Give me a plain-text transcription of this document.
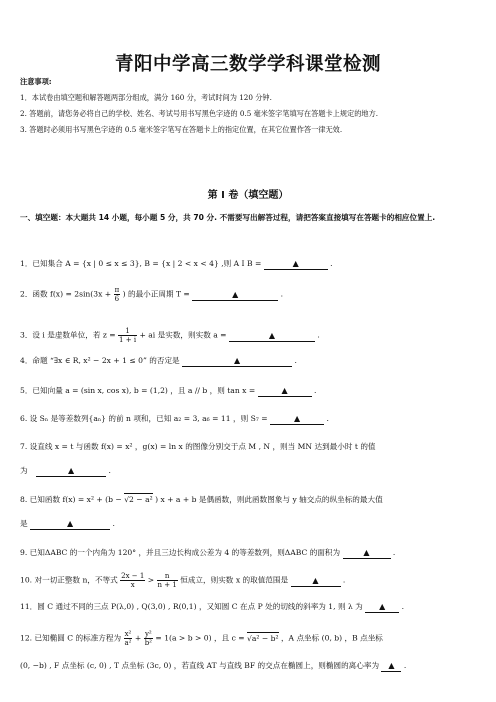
青阳中学高三数学学科课堂检测
注意事项:
1．本试卷由填空题和解答题两部分组成，满分 160 分，考试时间为 120 分钟.
2. 答题前，请您务必将自己的学校、姓名、考试号用书写黑色字迹的 0.5 毫米签字笔填写在答题卡上规定的地方.
3. 答题时必须用书写黑色字迹的 0.5 毫米签字笔写在答题卡上的指定位置，在其它位置作答一律无效.
第 I 卷（填空题）
一、填空题：本大题共 14 小题，每小题 5 分，共 70 分. 不需要写出解答过程，请把答案直接填写在答题卡的相应位置上.
1．已知集合 A = {x | 0 ≤ x ≤ 3}, B = {x | 2 < x < 4} ,则 A I B =	▲	.
2．函数 $f(x) = 2\sin(3x + \frac{\pi}{6}$ ) 的最小正周期 T =	▲	.
3．设 i 是虚数单位，若 $z = \frac{1}{1 + i}$ + ai 是实数，则实数 a =	▲	.
4．命题 “∃x ∈ R, x² − 2x + 1 ≤ 0” 的否定是	▲	.
5．已知向量 a = (sin x, cos x), b = (1,2) ，且 a // b ，则 tan x =	▲	.
6. 设 Sₙ 是等差数列{aₙ} 的前 n 项和，已知 a₂ = 3, a₆ = 11 ，则 S₇ =	▲	.
7. 设直线 x = t 与函数 f(x) = x² ，g(x) = ln x 的图像分别交于点 M , N ，则当 MN 达到最小时 t 的值
为	▲	.
8. 已知函数 f(x) = x² + (b − √2 − a² ) x + a + b 是偶函数，则此函数图象与 y 轴交点的纵坐标的最大值
是	▲	.
9. 已知ΔABC 的一个内角为 120° ，并且三边长构成公差为 4 的等差数列，则ΔABC 的面积为	▲	.
10. 对一切正整数 n，不等式 $\frac{2x - 1}{x} > \frac{n}{n + 1}$ 恒成立，则实数 x 的取值范围是	▲	.
11．圆 C 通过不同的三点 P(λ,0) , Q(3,0) , R(0,1) ，又知圆 C 在点 P 处的切线的斜率为 1, 则 λ 为 ▲ .
12. 已知椭圆 C 的标准方程为 $\frac{\text{x²}}{\text{a²}} + \frac{\text{y²}}{\text{b²}} = 1(a > b > 0)$ ，且 c = √a² − b² ，A 点坐标 (0, b) ，B 点坐标
(0, −b) , F 点坐标 (c, 0) , T 点坐标 (3c, 0) ，若直线 AT 与直线 BF 的交点在椭圆上，则椭圆的离心率为 ▲ .
